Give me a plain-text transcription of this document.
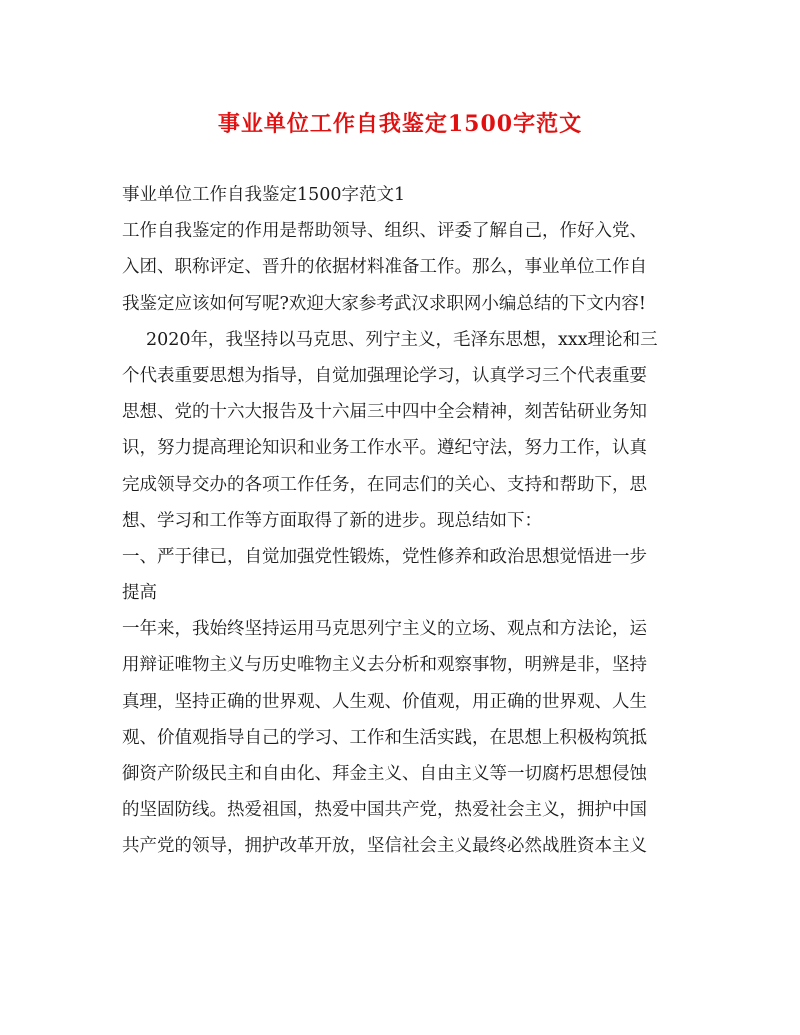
事业单位工作自我鉴定1500字范文
事业单位工作自我鉴定1500字范文1
工作自我鉴定的作用是帮助领导、组织、评委了解自己，作好入党、
入团、职称评定、晋升的依据材料准备工作。那么，事业单位工作自
我鉴定应该如何写呢?欢迎大家参考武汉求职网小编总结的下文内容!
2020年，我坚持以马克思、列宁主义，毛泽东思想，xxx理论和三
个代表重要思想为指导，自觉加强理论学习，认真学习三个代表重要
思想、党的十六大报告及十六届三中四中全会精神，刻苦钻研业务知
识，努力提高理论知识和业务工作水平。遵纪守法，努力工作，认真
完成领导交办的各项工作任务，在同志们的关心、支持和帮助下，思
想、学习和工作等方面取得了新的进步。现总结如下：
一、严于律已，自觉加强党性锻炼，党性修养和政治思想觉悟进一步
提高
一年来，我始终坚持运用马克思列宁主义的立场、观点和方法论，运
用辩证唯物主义与历史唯物主义去分析和观察事物，明辨是非，坚持
真理，坚持正确的世界观、人生观、价值观，用正确的世界观、人生
观、价值观指导自己的学习、工作和生活实践，在思想上积极构筑抵
御资产阶级民主和自由化、拜金主义、自由主义等一切腐朽思想侵蚀
的坚固防线。热爱祖国，热爱中国共产党，热爱社会主义，拥护中国
共产党的领导，拥护改革开放，坚信社会主义最终必然战胜资本主义
